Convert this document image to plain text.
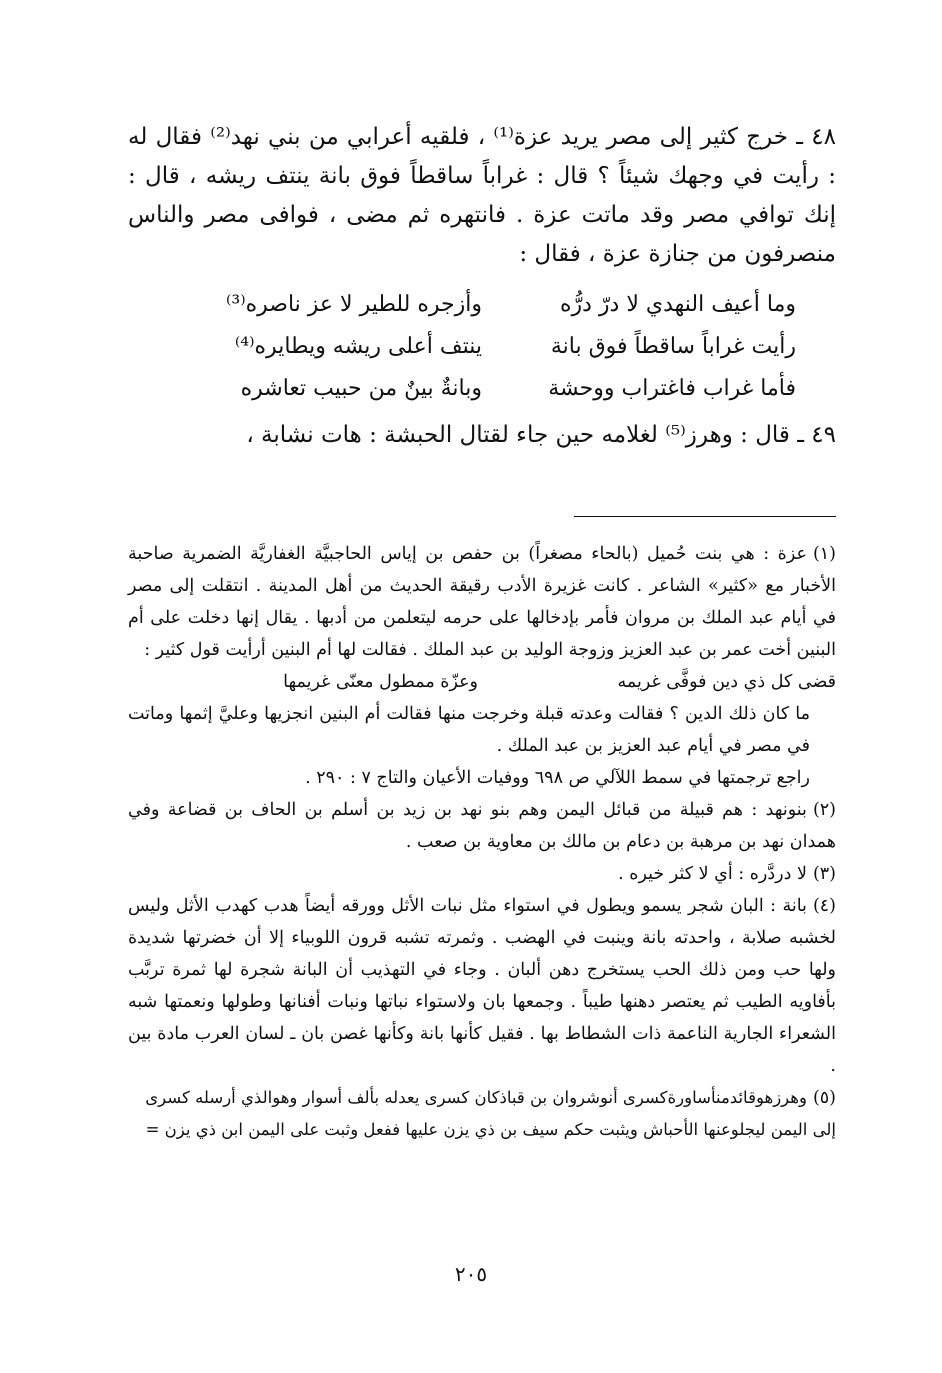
٤٨ ـ خرج كثير إلى مصر يريد عزة⁽¹⁾ ، فلقيه أعرابي من بني نهد⁽²⁾ فقال له : رأيت في وجهك شيئاً ؟ قال : غراباً ساقطاً فوق بانة ينتف ريشه ، قال : إنك توافي مصر وقد ماتت عزة . فانتهره ثم مضى ، فوافى مصر والناس منصرفون من جنازة عزة ، فقال :

وما أعيف النهدي لا درّ درُّه
وأزجره للطير لا عز ناصره⁽³⁾
رأيت غراباً ساقطاً فوق بانة
ينتف أعلى ريشه ويطايره⁽⁴⁾
فأما غراب فاغتراب ووحشة
وبانةٌ بينٌ من حبيب تعاشره

٤٩ ـ قال : وهرز⁽⁵⁾ لغلامه حين جاء لقتال الحبشة : هات نشابة ،

(١)عزة : هي بنت حُميل (بالحاء مصغراً) بن حفص بن إياس الحاجبيَّة الغفاريَّة الضمرية صاحبة الأخبار مع «كثير» الشاعر . كانت غزيرة الأدب رقيقة الحديث من أهل المدينة . انتقلت إلى مصر في أيام عبد الملك بن مروان فأمر بإدخالها على حرمه ليتعلمن من أدبها . يقال إنها دخلت على أم البنين أخت عمر بن عبد العزيز وزوجة الوليد بن عبد الملك . فقالت لها أم البنين أرأيت قول كثير :

قضى كل ذي دين فوفَّى غريمه
وعزّة ممطول معنّى غريمها

ما كان ذلك الدين ؟ فقالت وعدته قبلة وخرجت منها فقالت أم البنين انجزيها وعليَّ إثمها وماتت في مصر في أيام عبد العزيز بن عبد الملك .

راجع ترجمتها في سمط اللآلي ص ٦٩٨ ووفيات الأعيان والتاج ٧ : ٢٩٠ .

(٢)بنونهد : هم قبيلة من قبائل اليمن وهم بنو نهد بن زيد بن أسلم بن الحاف بن قضاعة وفي همدان نهد بن مرهبة بن دعام بن مالك بن معاوية بن صعب .

(٣)لا دردَّره : أي لا كثر خيره .

(٤)بانة : البان شجر يسمو ويطول في استواء مثل نبات الأثل وورقه أيضاً هدب كهدب الأثل وليس لخشبه صلابة ، واحدته بانة وينبت في الهضب . وثمرته تشبه قرون اللوبياء إلا أن خضرتها شديدة ولها حب ومن ذلك الحب يستخرج دهن ألبان . وجاء في التهذيب أن البانة شجرة لها ثمرة تربَّب بأفاويه الطيب ثم يعتصر دهنها طيباً . وجمعها بان ولاستواء نباتها ونبات أفنانها وطولها ونعمتها شبه الشعراء الجارية الناعمة ذات الشطاط بها . فقيل كأنها بانة وكأنها غصن بان ـ لسان العرب مادة بين .

(٥)وهرزهوقائدمنأساورةكسرى أنوشروان بن قباذكان كسرى يعدله بألف أسوار وهوالذي أرسله كسرى

إلى اليمن ليجلوعنها الأحباش ويثبت حكم سيف بن ذي يزن عليها ففعل وثبت على اليمن ابن ذي يزن =

٢٠٥
